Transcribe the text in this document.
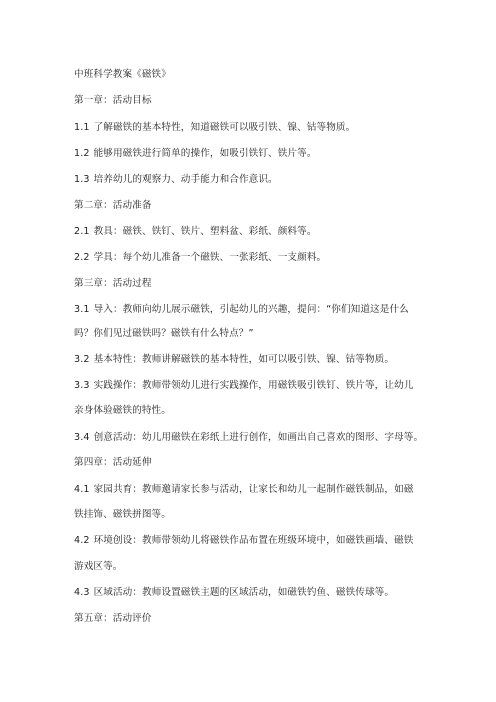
中班科学教案《磁铁》
第一章：活动目标
1.1 了解磁铁的基本特性，知道磁铁可以吸引铁、镍、钴等物质。
1.2 能够用磁铁进行简单的操作，如吸引铁钉、铁片等。
1.3 培养幼儿的观察力、动手能力和合作意识。
第二章：活动准备
2.1 教具：磁铁、铁钉、铁片、塑料盆、彩纸、颜料等。
2.2 学具：每个幼儿准备一个磁铁、一张彩纸、一支颜料。
第三章：活动过程
3.1 导入：教师向幼儿展示磁铁，引起幼儿的兴趣，提问：“你们知道这是什么
吗？你们见过磁铁吗？磁铁有什么特点？”
3.2 基本特性：教师讲解磁铁的基本特性，如可以吸引铁、镍、钴等物质。
3.3 实践操作：教师带领幼儿进行实践操作，用磁铁吸引铁钉、铁片等，让幼儿
亲身体验磁铁的特性。
3.4 创意活动：幼儿用磁铁在彩纸上进行创作，如画出自己喜欢的图形、字母等。
第四章：活动延伸
4.1 家园共育：教师邀请家长参与活动，让家长和幼儿一起制作磁铁制品，如磁
铁挂饰、磁铁拼图等。
4.2 环境创设：教师带领幼儿将磁铁作品布置在班级环境中，如磁铁画墙、磁铁
游戏区等。
4.3 区域活动：教师设置磁铁主题的区域活动，如磁铁钓鱼、磁铁传球等。
第五章：活动评价
